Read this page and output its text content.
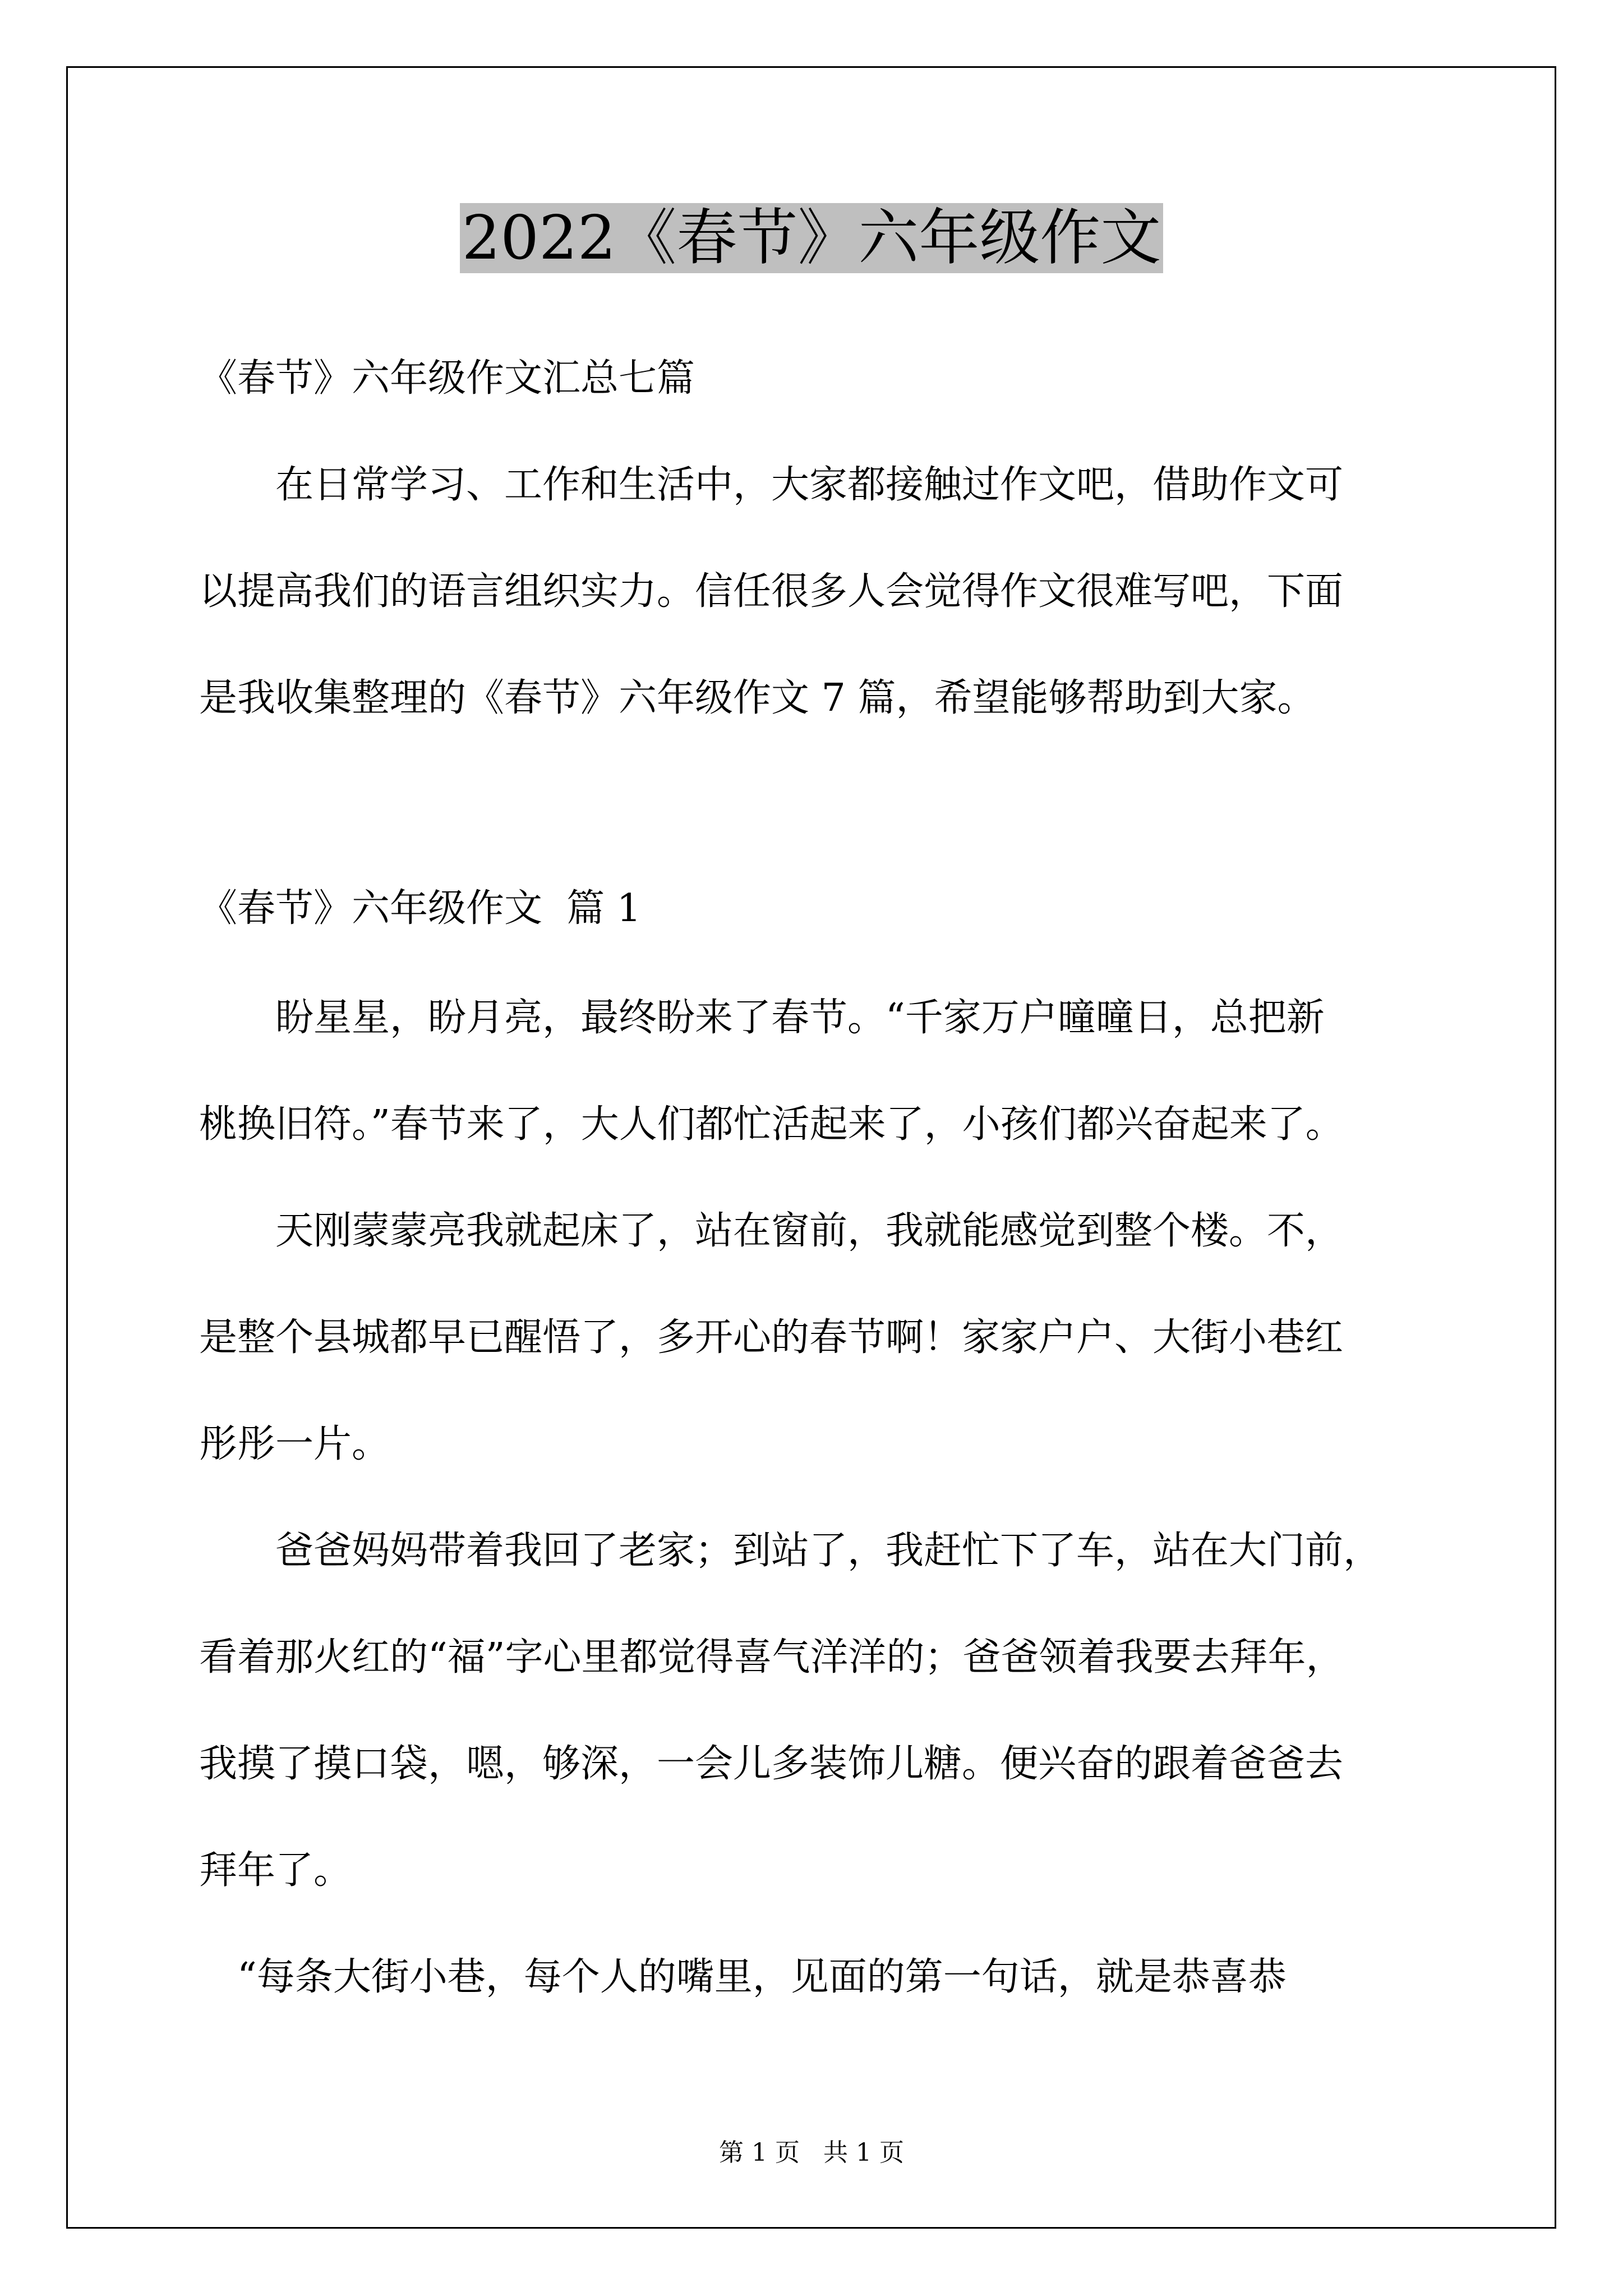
2022《春节》六年级作文
《春节》六年级作文汇总七篇
　　在日常学习、工作和生活中，大家都接触过作文吧，借助作文可
以提高我们的语言组织实力。信任很多人会觉得作文很难写吧，下面
是我收集整理的《春节》六年级作文 7 篇，希望能够帮助到大家。
《春节》六年级作文  篇 1
　　盼星星，盼月亮，最终盼来了春节。“千家万户曈曈日，总把新
桃换旧符。”春节来了，大人们都忙活起来了，小孩们都兴奋起来了。
　　天刚蒙蒙亮我就起床了，站在窗前，我就能感觉到整个楼。不，
是整个县城都早已醒悟了，多开心的春节啊！家家户户、大街小巷红
彤彤一片。
　　爸爸妈妈带着我回了老家；到站了，我赶忙下了车，站在大门前，
看着那火红的“福”字心里都觉得喜气洋洋的；爸爸领着我要去拜年，
我摸了摸口袋，嗯，够深，一会儿多装饰儿糖。便兴奋的跟着爸爸去
拜年了。
　“每条大街小巷，每个人的嘴里，见面的第一句话，就是恭喜恭
第 1 页   共 1 页
